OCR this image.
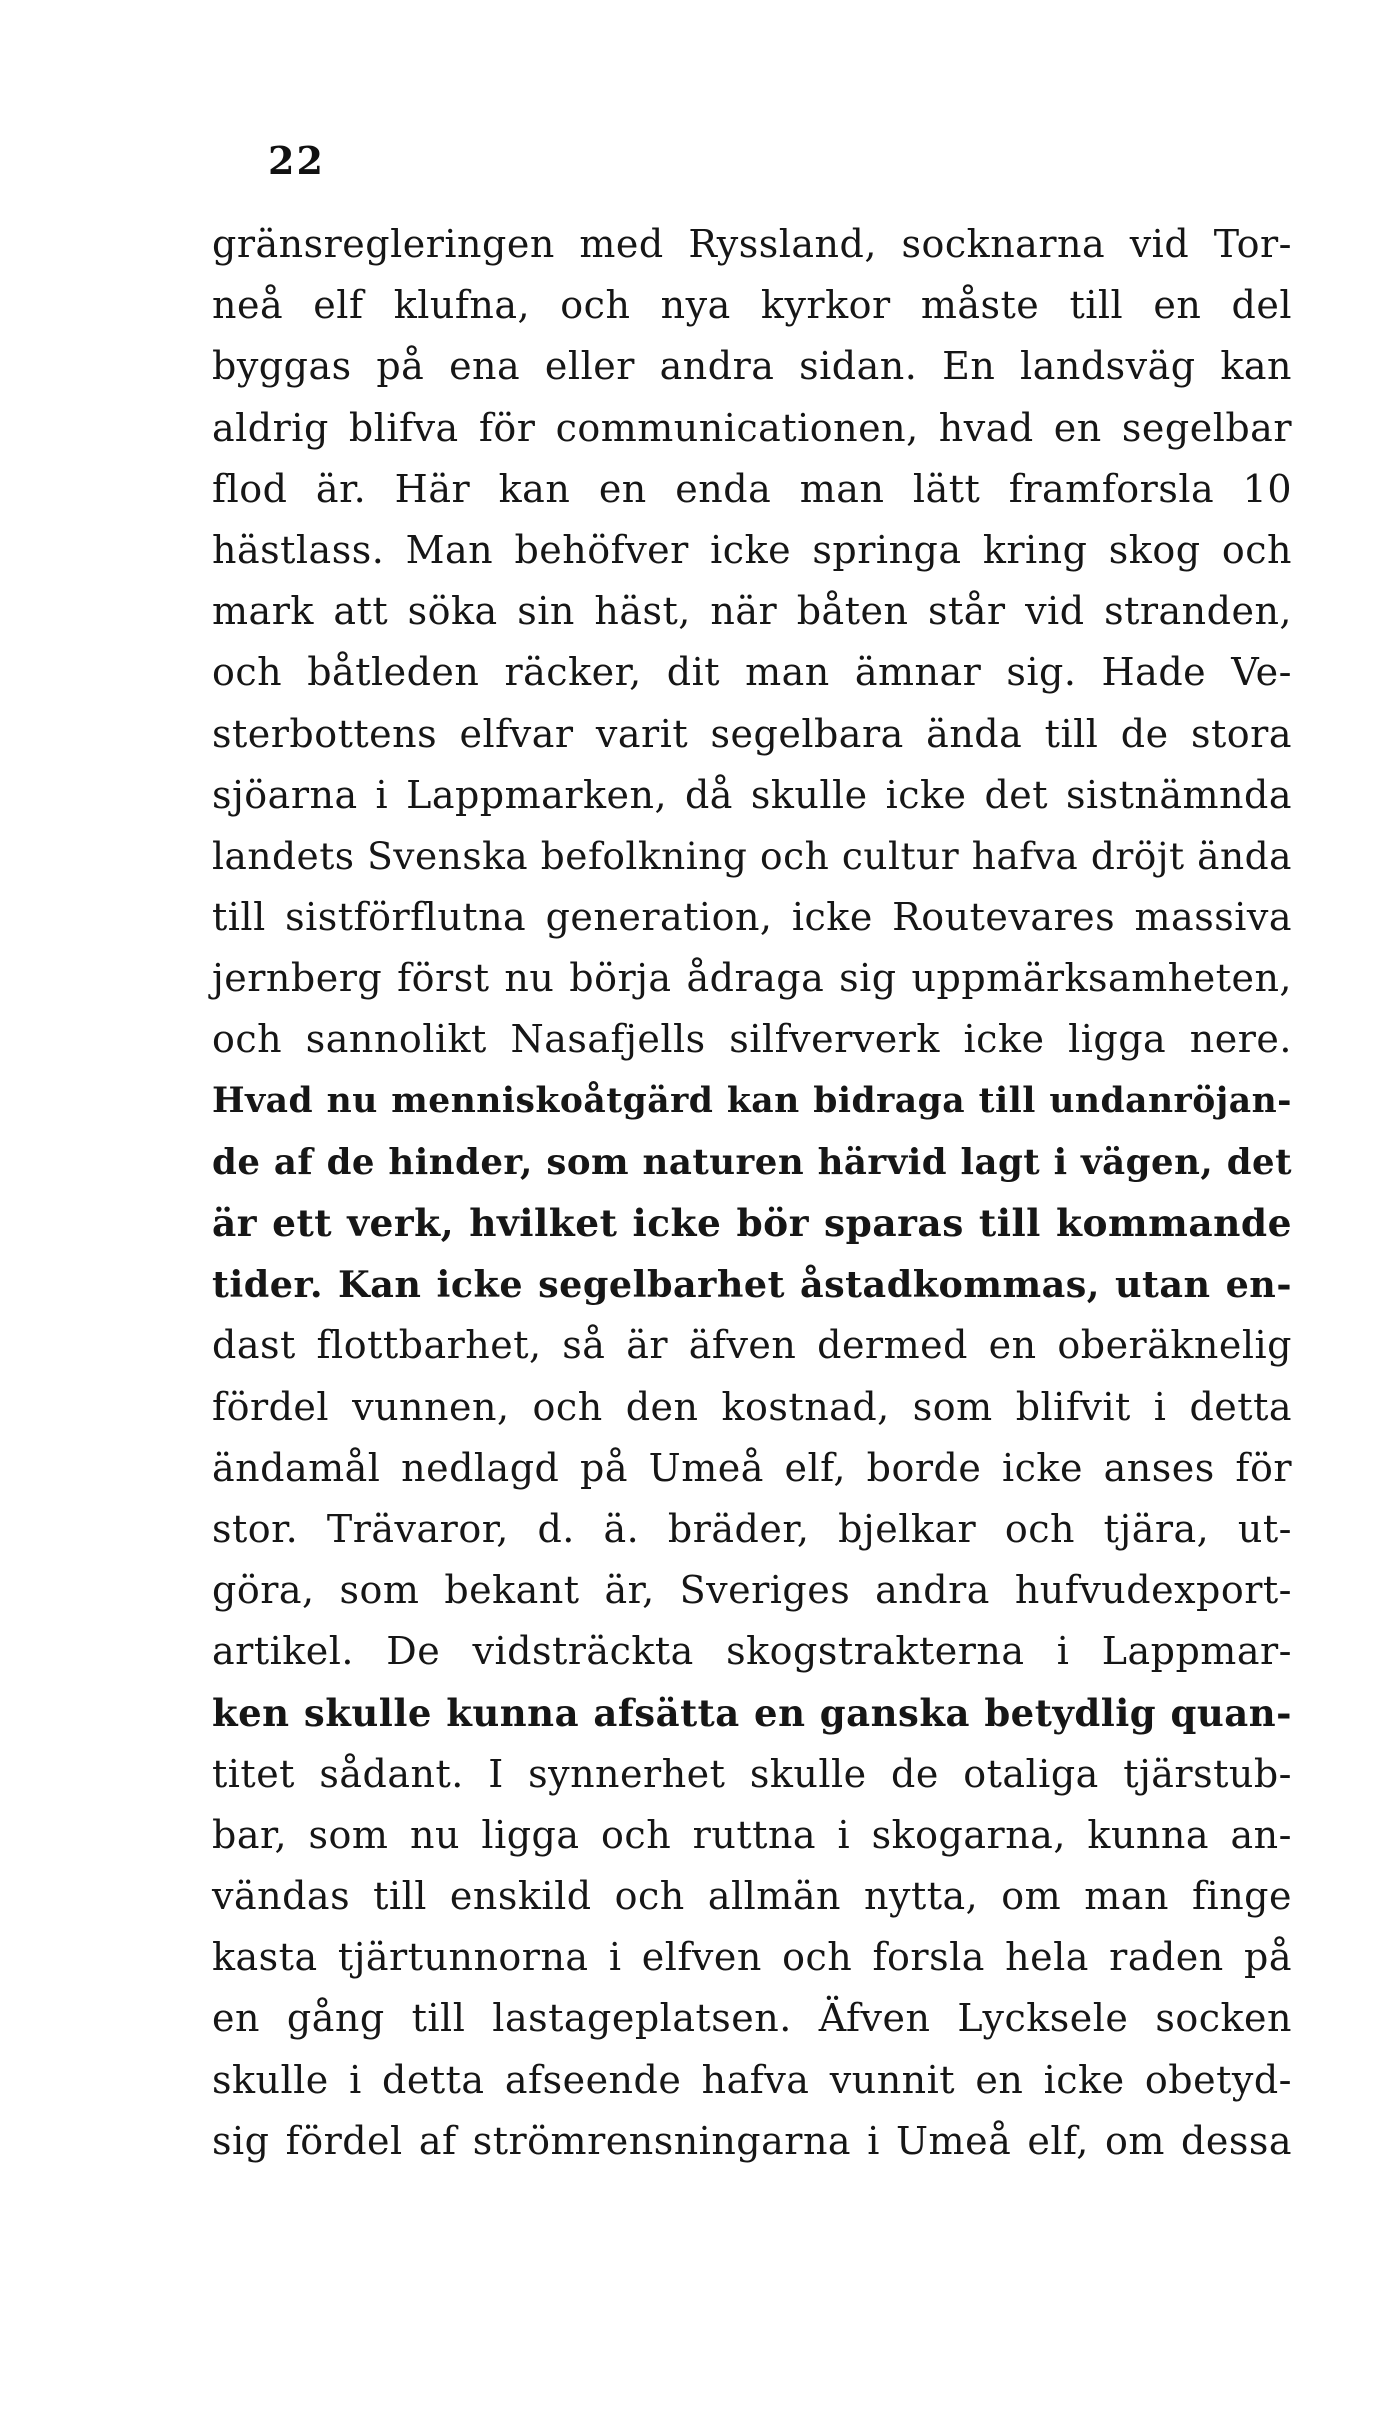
22
gränsregleringen med Ryssland, socknarna vid Tor-
neå elf klufna, och nya kyrkor måste till en del
byggas på ena eller andra sidan. En landsväg kan
aldrig blifva för communicationen, hvad en segelbar
flod är. Här kan en enda man lätt framforsla 10
hästlass. Man behöfver icke springa kring skog och
mark att söka sin häst, när båten står vid stranden,
och båtleden räcker, dit man ämnar sig. Hade Ve-
sterbottens elfvar varit segelbara ända till de stora
sjöarna i Lappmarken, då skulle icke det sistnämnda
landets Svenska befolkning och cultur hafva dröjt ända
till sistförflutna generation, icke Routevares massiva
jernberg först nu börja ådraga sig uppmärksamheten,
och sannolikt Nasafjells silfververk icke ligga nere.
Hvad nu menniskoåtgärd kan bidraga till undanröjan-
de af de hinder, som naturen härvid lagt i vägen, det
är ett verk, hvilket icke bör sparas till kommande
tider. Kan icke segelbarhet åstadkommas, utan en-
dast flottbarhet, så är äfven dermed en oberäknelig
fördel vunnen, och den kostnad, som blifvit i detta
ändamål nedlagd på Umeå elf, borde icke anses för
stor. Trävaror, d. ä. bräder, bjelkar och tjära, ut-
göra, som bekant är, Sveriges andra hufvudexport-
artikel. De vidsträckta skogstrakterna i Lappmar-
ken skulle kunna afsätta en ganska betydlig quan-
titet sådant. I synnerhet skulle de otaliga tjärstub-
bar, som nu ligga och ruttna i skogarna, kunna an-
vändas till enskild och allmän nytta, om man finge
kasta tjärtunnorna i elfven och forsla hela raden på
en gång till lastageplatsen. Äfven Lycksele socken
skulle i detta afseende hafva vunnit en icke obetyd-
sig fördel af strömrensningarna i Umeå elf, om dessa
